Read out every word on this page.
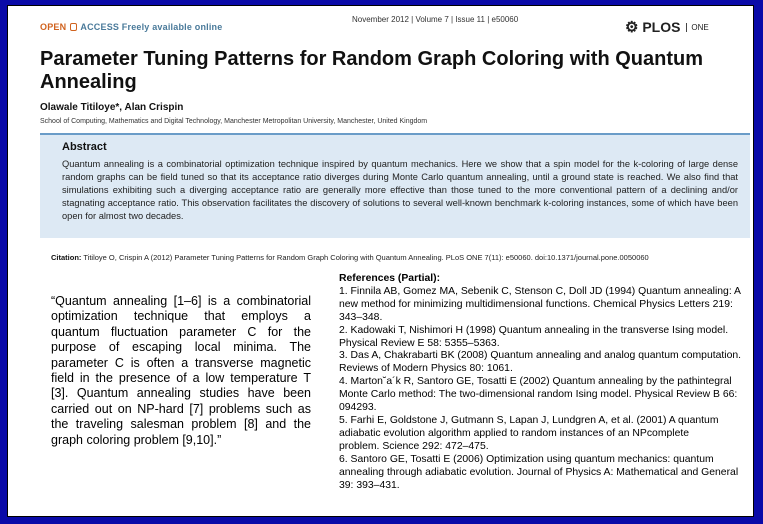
OPEN ACCESS Freely available online
November 2012 | Volume 7 | Issue 11 | e50060	⚙ PLOS ONE
Parameter Tuning Patterns for Random Graph Coloring with Quantum Annealing
Olawale Titiloye*, Alan Crispin
School of Computing, Mathematics and Digital Technology, Manchester Metropolitan University, Manchester, United Kingdom
Abstract

Quantum annealing is a combinatorial optimization technique inspired by quantum mechanics. Here we show that a spin model for the k-coloring of large dense random graphs can be field tuned so that its acceptance ratio diverges during Monte Carlo quantum annealing, until a ground state is reached. We also find that simulations exhibiting such a diverging acceptance ratio are generally more effective than those tuned to the more conventional pattern of a declining and/or stagnating acceptance ratio. This observation facilitates the discovery of solutions to several well-known benchmark k-coloring instances, some of which have been open for almost two decades.

Citation: Titiloye O, Crispin A (2012) Parameter Tuning Patterns for Random Graph Coloring with Quantum Annealing. PLoS ONE 7(11): e50060. doi:10.1371/journal.pone.0050060
“Quantum annealing [1–6] is a combinatorial optimization technique that employs a quantum fluctuation parameter C for the purpose of escaping local minima. The parameter C is often a transverse magnetic field in the presence of a low temperature T [3]. Quantum annealing studies have been carried out on NP-hard [7] problems such as the traveling salesman problem [8] and the graph coloring problem [9,10].”
References (Partial):
1. Finnila AB, Gomez MA, Sebenik C, Stenson C, Doll JD (1994) Quantum annealing: A new method for minimizing multidimensional functions. Chemical Physics Letters 219: 343–348.
2. Kadowaki T, Nishimori H (1998) Quantum annealing in the transverse Ising model. Physical Review E 58: 5355–5363.
3. Das A, Chakrabarti BK (2008) Quantum annealing and analog quantum computation. Reviews of Modern Physics 80: 1061.
4. Marton˘a´k R, Santoro GE, Tosatti E (2002) Quantum annealing by the pathintegral Monte Carlo method: The two-dimensional random Ising model. Physical Review B 66: 094293.
5. Farhi E, Goldstone J, Gutmann S, Lapan J, Lundgren A, et al. (2001) A quantum adiabatic evolution algorithm applied to random instances of an NPcomplete
problem. Science 292: 472–475.
6. Santoro GE, Tosatti E (2006) Optimization using quantum mechanics: quantum annealing through adiabatic evolution. Journal of Physics A: Mathematical and General 39: 393–431.
